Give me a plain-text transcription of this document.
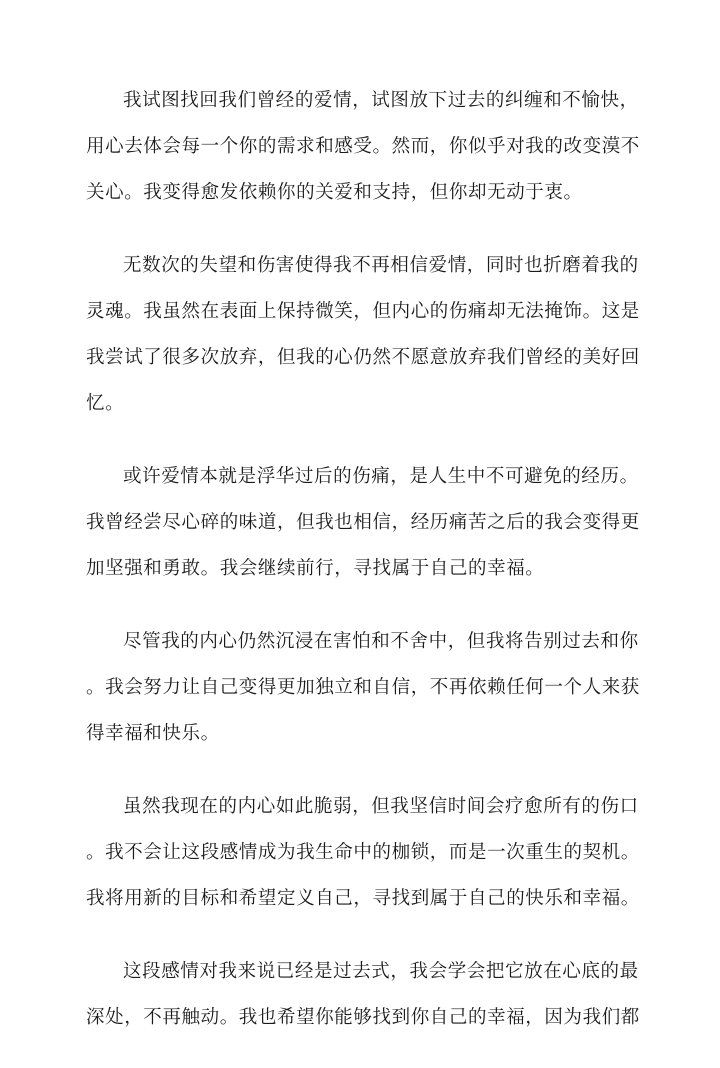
我试图找回我们曾经的爱情，试图放下过去的纠缠和不愉快，
用心去体会每一个你的需求和感受。然而，你似乎对我的改变漠不
关心。我变得愈发依赖你的关爱和支持，但你却无动于衷。

无数次的失望和伤害使得我不再相信爱情，同时也折磨着我的
灵魂。我虽然在表面上保持微笑，但内心的伤痛却无法掩饰。这是
我尝试了很多次放弃，但我的心仍然不愿意放弃我们曾经的美好回
忆。

或许爱情本就是浮华过后的伤痛，是人生中不可避免的经历。
我曾经尝尽心碎的味道，但我也相信，经历痛苦之后的我会变得更
加坚强和勇敢。我会继续前行，寻找属于自己的幸福。

尽管我的内心仍然沉浸在害怕和不舍中，但我将告别过去和你
。我会努力让自己变得更加独立和自信，不再依赖任何一个人来获
得幸福和快乐。

虽然我现在的内心如此脆弱，但我坚信时间会疗愈所有的伤口
。我不会让这段感情成为我生命中的枷锁，而是一次重生的契机。
我将用新的目标和希望定义自己，寻找到属于自己的快乐和幸福。

这段感情对我来说已经是过去式，我会学会把它放在心底的最
深处，不再触动。我也希望你能够找到你自己的幸福，因为我们都
